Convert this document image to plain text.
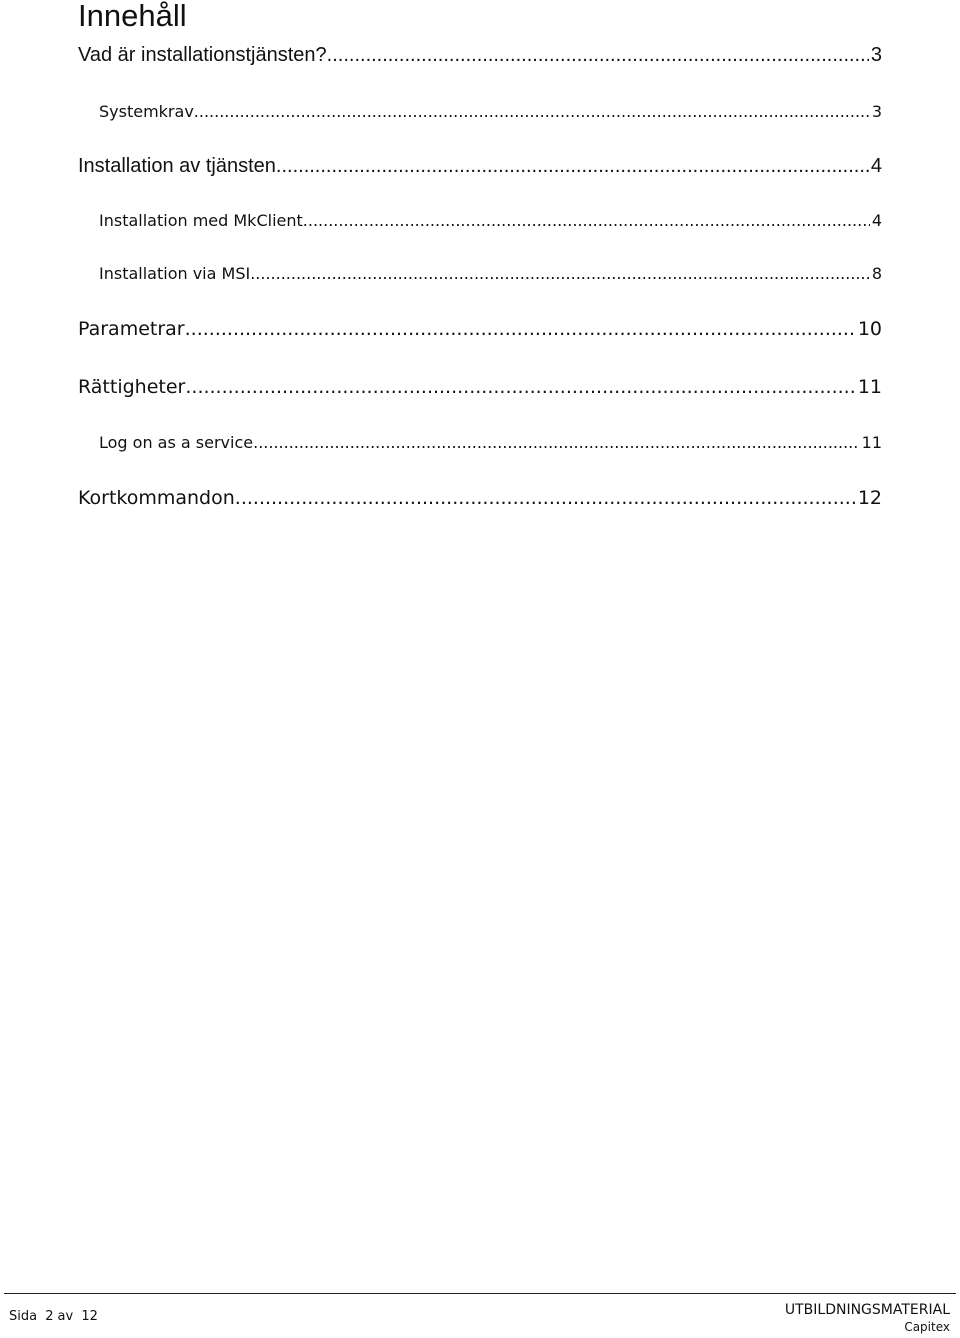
Innehåll
Vad är installationstjänsten? .....	3
Systemkrav .....	3
Installation av tjänsten .....	4
Installation med MkClient .....	4
Installation via MSI .....	8
Parametrar .....	10
Rättigheter .....	11
Log on as a service .....	11
Kortkommandon .....	12
Sida 2 av 12	UTBILDNINGSMATERIAL
Capitex
